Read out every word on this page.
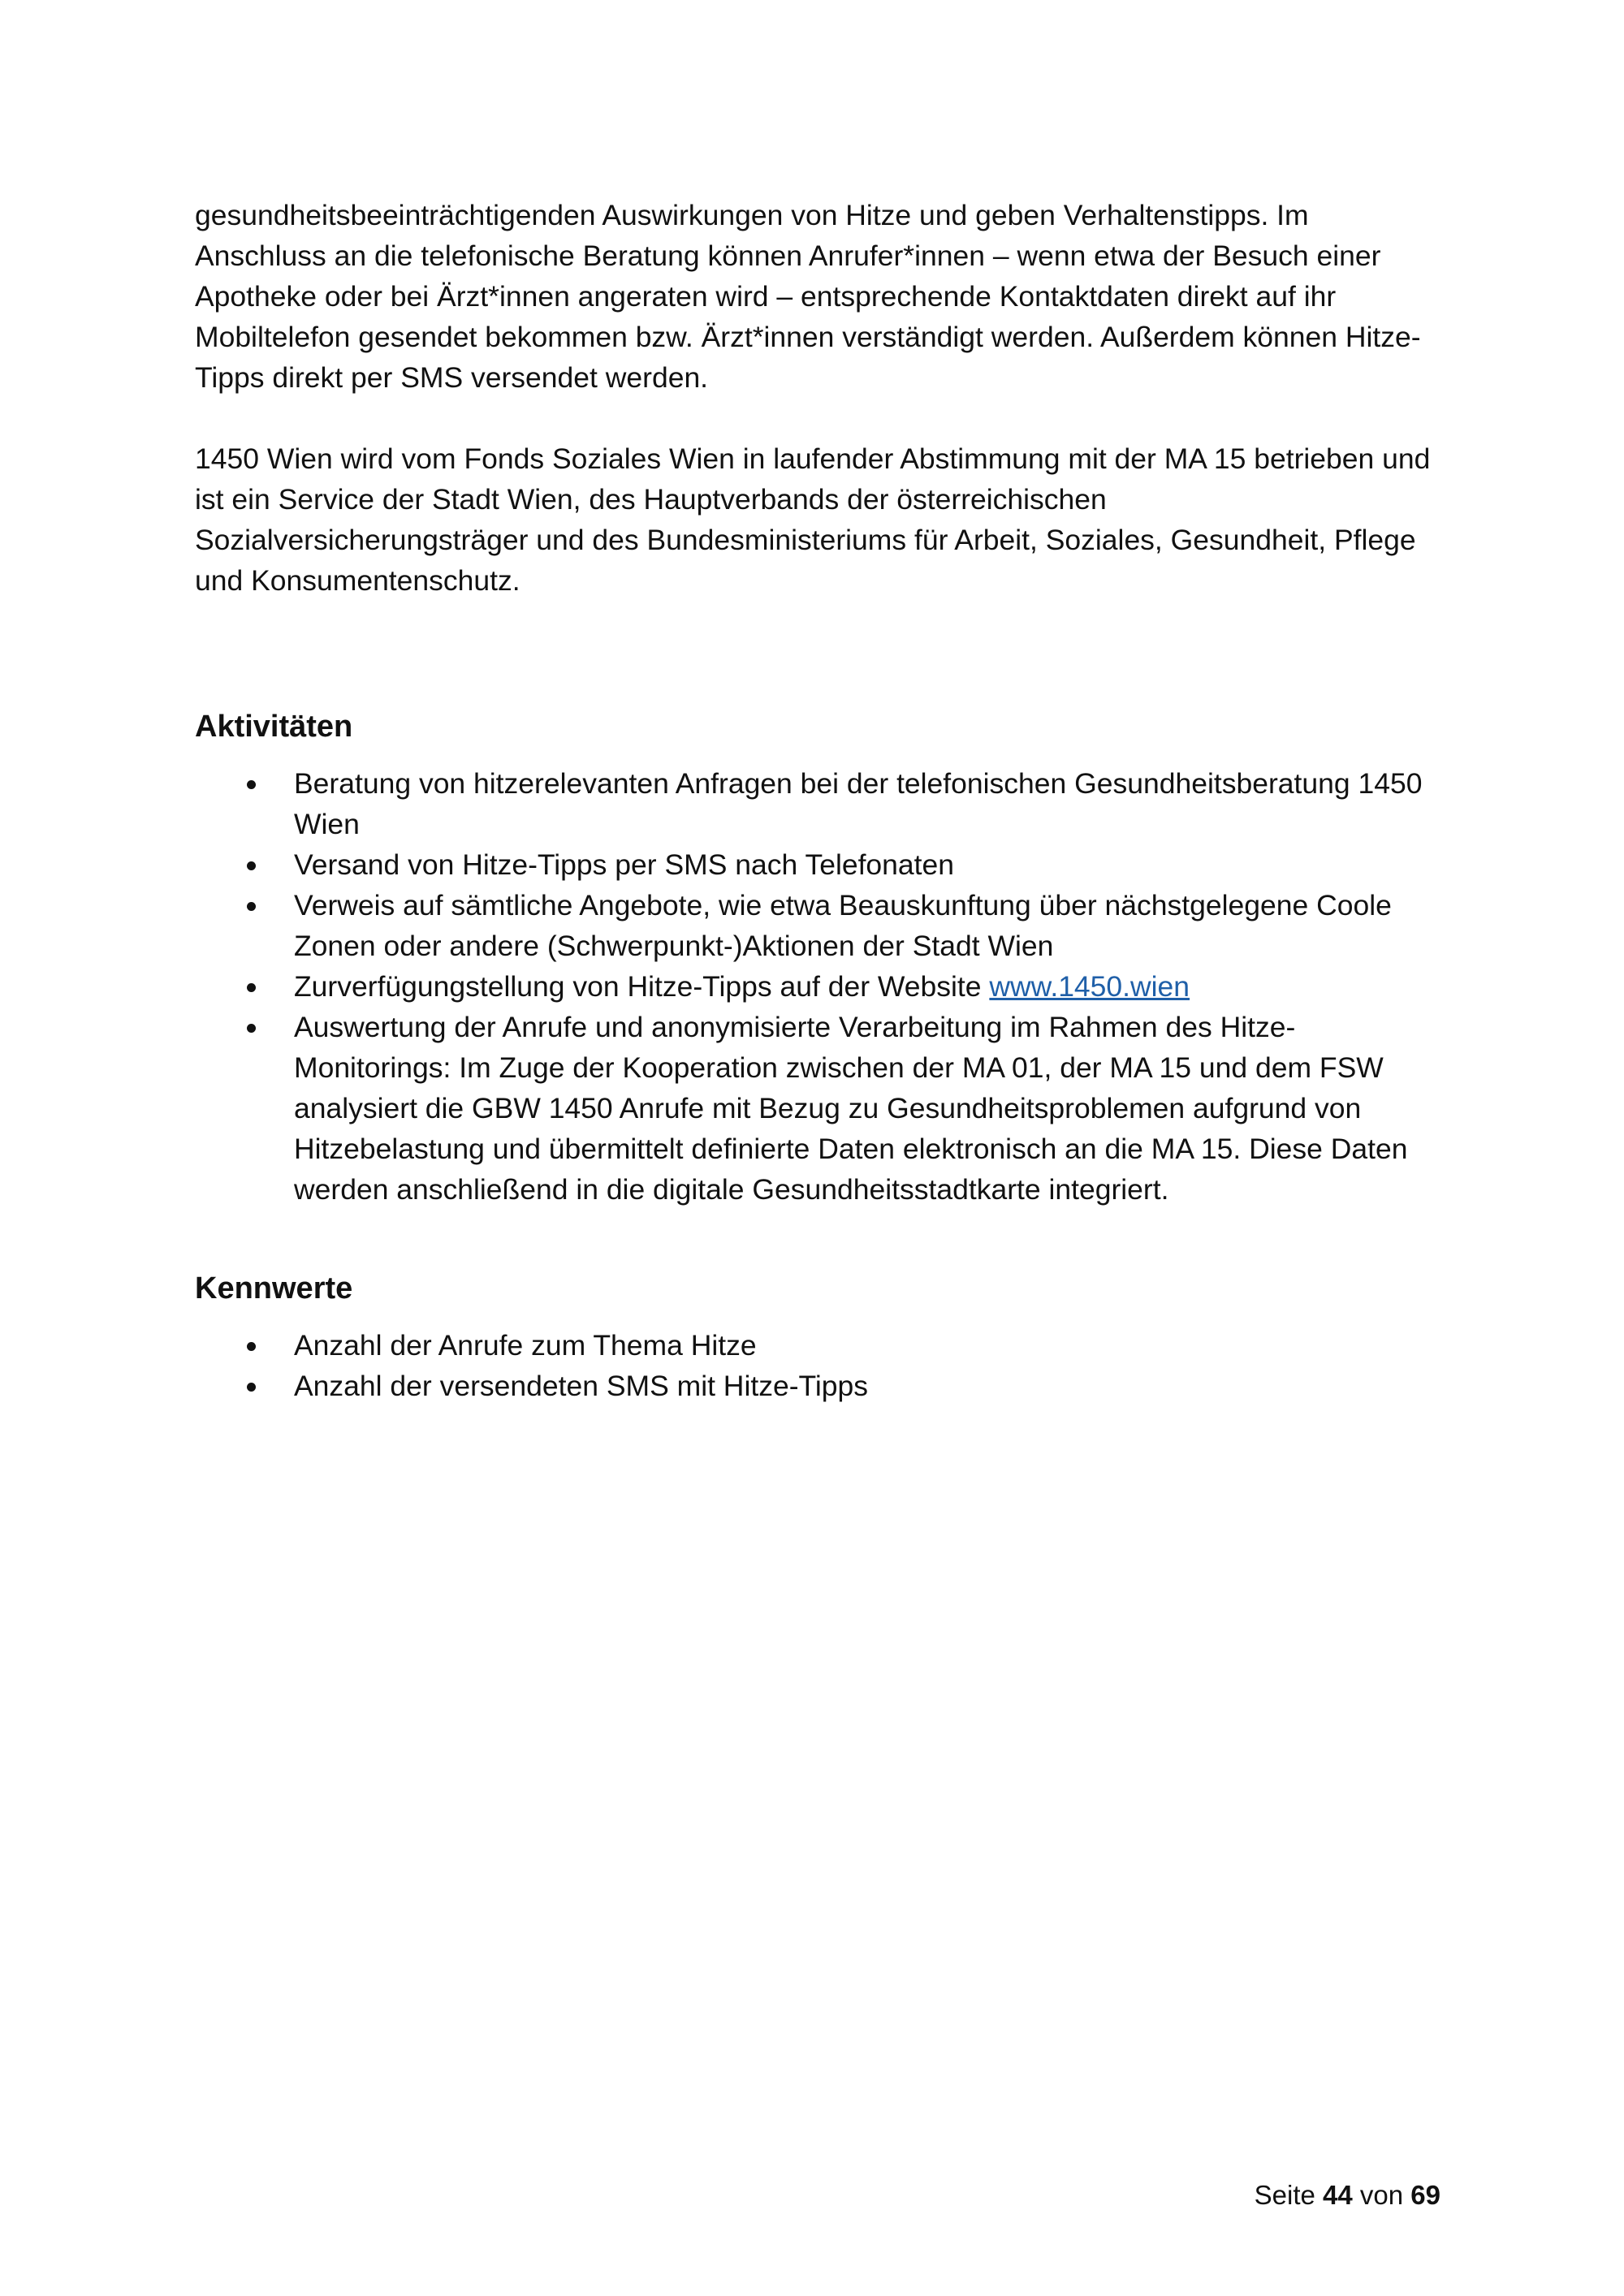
gesundheitsbeeinträchtigenden Auswirkungen von Hitze und geben Verhaltenstipps. Im Anschluss an die telefonische Beratung können Anrufer*innen – wenn etwa der Besuch einer Apotheke oder bei Ärzt*innen angeraten wird – entsprechende Kontaktdaten direkt auf ihr Mobiltelefon gesendet bekommen bzw. Ärzt*innen verständigt werden. Außerdem können Hitze-Tipps direkt per SMS versendet werden.

1450 Wien wird vom Fonds Soziales Wien in laufender Abstimmung mit der MA 15 betrieben und ist ein Service der Stadt Wien, des Hauptverbands der österreichischen Sozialversicherungsträger und des Bundesministeriums für Arbeit, Soziales, Gesundheit, Pflege und Konsumentenschutz.

Aktivitäten
Beratung von hitzerelevanten Anfragen bei der telefonischen Gesundheitsberatung 1450 Wien
Versand von Hitze-Tipps per SMS nach Telefonaten
Verweis auf sämtliche Angebote, wie etwa Beauskunftung über nächstgelegene Coole Zonen oder andere (Schwerpunkt-)Aktionen der Stadt Wien
Zurverfügungstellung von Hitze-Tipps auf der Website www.1450.wien
Auswertung der Anrufe und anonymisierte Verarbeitung im Rahmen des Hitze-Monitorings: Im Zuge der Kooperation zwischen der MA 01, der MA 15 und dem FSW analysiert die GBW 1450 Anrufe mit Bezug zu Gesundheitsproblemen aufgrund von Hitzebelastung und übermittelt definierte Daten elektronisch an die MA 15. Diese Daten werden anschließend in die digitale Gesundheitsstadtkarte integriert.
Kennwerte
Anzahl der Anrufe zum Thema Hitze
Anzahl der versendeten SMS mit Hitze-Tipps
Seite 44 von 69
